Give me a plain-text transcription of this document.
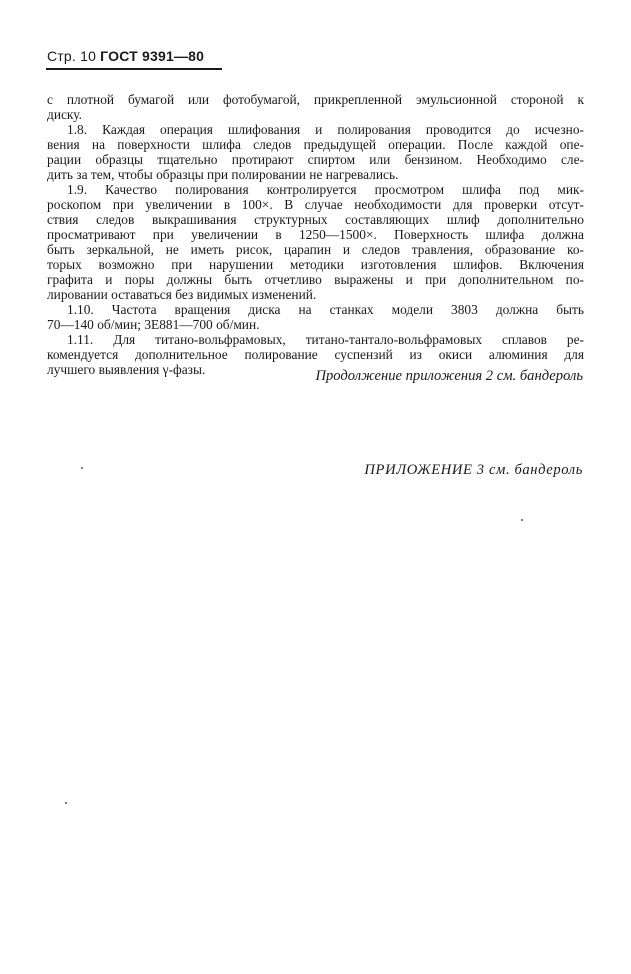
Стр. 10 ГОСТ 9391—80
с плотной бумагой или фотобумагой, прикрепленной эмульсионной стороной к
диску.
1.8. Каждая операция шлифования и полирования проводится до исчезно-
вения на поверхности шлифа следов предыдущей операции. После каждой опе-
рации образцы тщательно протирают спиртом или бензином. Необходимо сле-
дить за тем, чтобы образцы при полировании не нагревались.
1.9. Качество полирования контролируется просмотром шлифа под мик-
роскопом при увеличении в 100×. В случае необходимости для проверки отсут-
ствия следов выкрашивания структурных составляющих шлиф дополнительно
просматривают при увеличении в 1250—1500×. Поверхность шлифа должна
быть зеркальной, не иметь рисок, царапин и следов травления, образование ко-
торых возможно при нарушении методики изготовления шлифов. Включения
графита и поры должны быть отчетливо выражены и при дополнительном по-
лировании оставаться без видимых изменений.
1.10. Частота вращения диска на станках модели 3803 должна быть
70—140 об/мин; 3Е881—700 об/мин.
1.11. Для титано-вольфрамовых, титано-тантало-вольфрамовых сплавов ре-
комендуется дополнительное полирование суспензий из окиси алюминия для
лучшего выявления γ-фазы.	Продолжение приложения 2 см. бандероль
ПРИЛОЖЕНИЕ 3 см. бандероль
